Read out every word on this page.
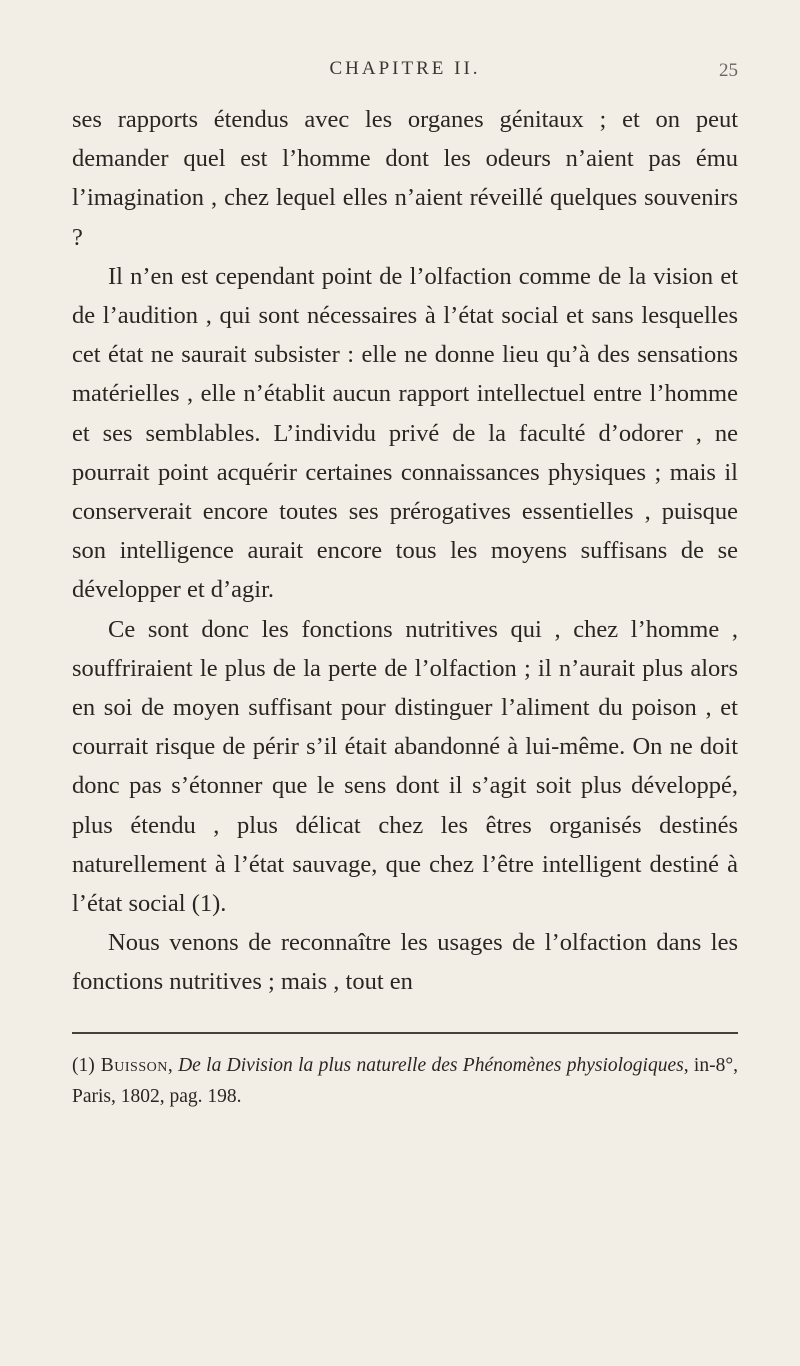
CHAPITRE II.	25

ses rapports étendus avec les organes génitaux ; et on peut demander quel est l’homme dont les odeurs n’aient pas ému l’imagination , chez lequel elles n’aient réveillé quelques souvenirs ?

Il n’en est cependant point de l’olfaction comme de la vision et de l’audition , qui sont nécessaires à l’état social et sans lesquelles cet état ne saurait subsister : elle ne donne lieu qu’à des sensations matérielles , elle n’établit aucun rapport intellectuel entre l’homme et ses semblables. L’individu privé de la faculté d’odorer , ne pourrait point acquérir certaines connaissances physiques ; mais il conserverait encore toutes ses prérogatives essentielles , puisque son intelligence aurait encore tous les moyens suffisans de se développer et d’agir.

Ce sont donc les fonctions nutritives qui , chez l’homme , souffriraient le plus de la perte de l’olfaction ; il n’aurait plus alors en soi de moyen suffisant pour distinguer l’aliment du poison , et courrait risque de périr s’il était abandonné à lui-même. On ne doit donc pas s’étonner que le sens dont il s’agit soit plus développé, plus étendu , plus délicat chez les êtres organisés destinés naturellement à l’état sauvage, que chez l’être intelligent destiné à l’état social (1).

Nous venons de reconnaître les usages de l’olfaction dans les fonctions nutritives ; mais , tout en

(1) Buisson, De la Division la plus naturelle des Phénomènes physiologiques, in-8°, Paris, 1802, pag. 198.
